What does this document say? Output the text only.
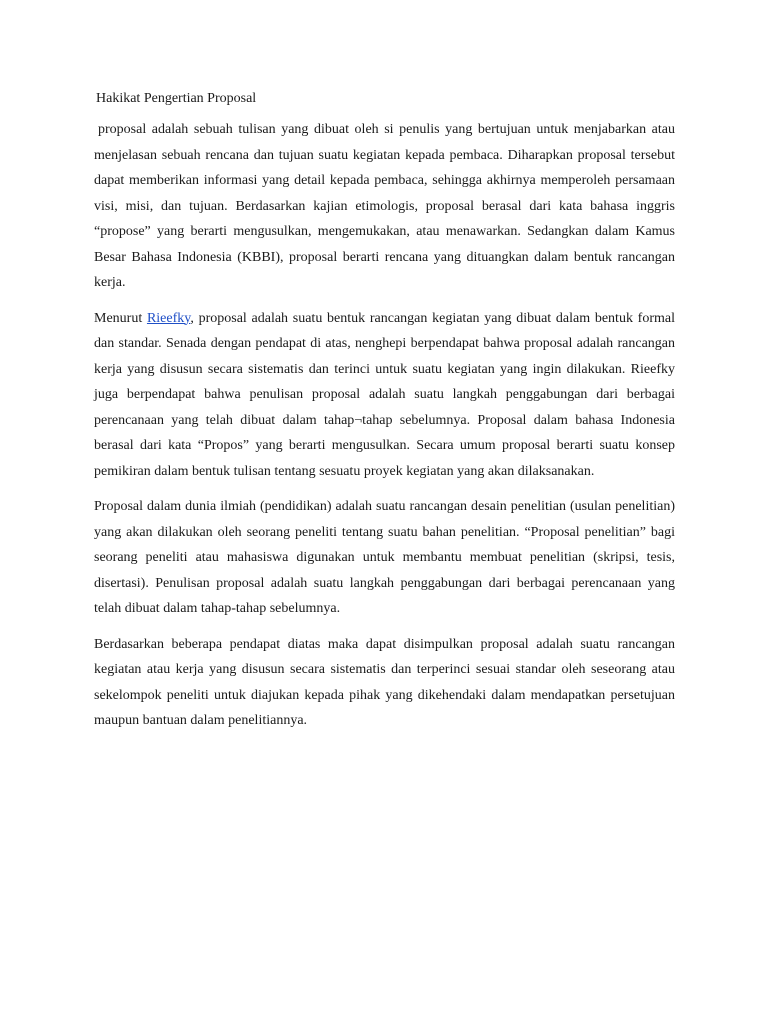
Hakikat Pengertian Proposal

proposal adalah sebuah tulisan yang dibuat oleh si penulis yang bertujuan untuk menjabarkan atau menjelasan sebuah rencana dan tujuan suatu kegiatan kepada pembaca. Diharapkan proposal tersebut dapat memberikan informasi yang detail kepada pembaca, sehingga akhirnya memperoleh persamaan visi, misi, dan tujuan. Berdasarkan kajian etimologis, proposal berasal dari kata bahasa inggris “propose” yang berarti mengusulkan, mengemukakan, atau menawarkan. Sedangkan dalam Kamus Besar Bahasa Indonesia (KBBI), proposal berarti rencana yang dituangkan dalam bentuk rancangan kerja.

Menurut Rieefky, proposal adalah suatu bentuk rancangan kegiatan yang dibuat dalam bentuk formal dan standar. Senada dengan pendapat di atas, nenghepi berpendapat bahwa proposal adalah rancangan kerja yang disusun secara sistematis dan terinci untuk suatu kegiatan yang ingin dilakukan. Rieefky juga berpendapat bahwa penulisan proposal adalah suatu langkah penggabungan dari berbagai perencanaan yang telah dibuat dalam tahap¬tahap sebelumnya. Proposal dalam bahasa Indonesia berasal dari kata “Propos” yang berarti mengusulkan. Secara umum proposal berarti suatu konsep pemikiran dalam bentuk tulisan tentang sesuatu proyek kegiatan yang akan dilaksanakan.

Proposal dalam dunia ilmiah (pendidikan) adalah suatu rancangan desain penelitian (usulan penelitian) yang akan dilakukan oleh seorang peneliti tentang suatu bahan penelitian. “Proposal penelitian” bagi seorang peneliti atau mahasiswa digunakan untuk membantu membuat penelitian (skripsi, tesis, disertasi). Penulisan proposal adalah suatu langkah penggabungan dari berbagai perencanaan yang telah dibuat dalam tahap-tahap sebelumnya.

Berdasarkan beberapa pendapat diatas maka dapat disimpulkan proposal adalah suatu rancangan kegiatan atau kerja yang disusun secara sistematis dan terperinci sesuai standar oleh seseorang atau sekelompok peneliti untuk diajukan kepada pihak yang dikehendaki dalam mendapatkan persetujuan maupun bantuan dalam penelitiannya.
